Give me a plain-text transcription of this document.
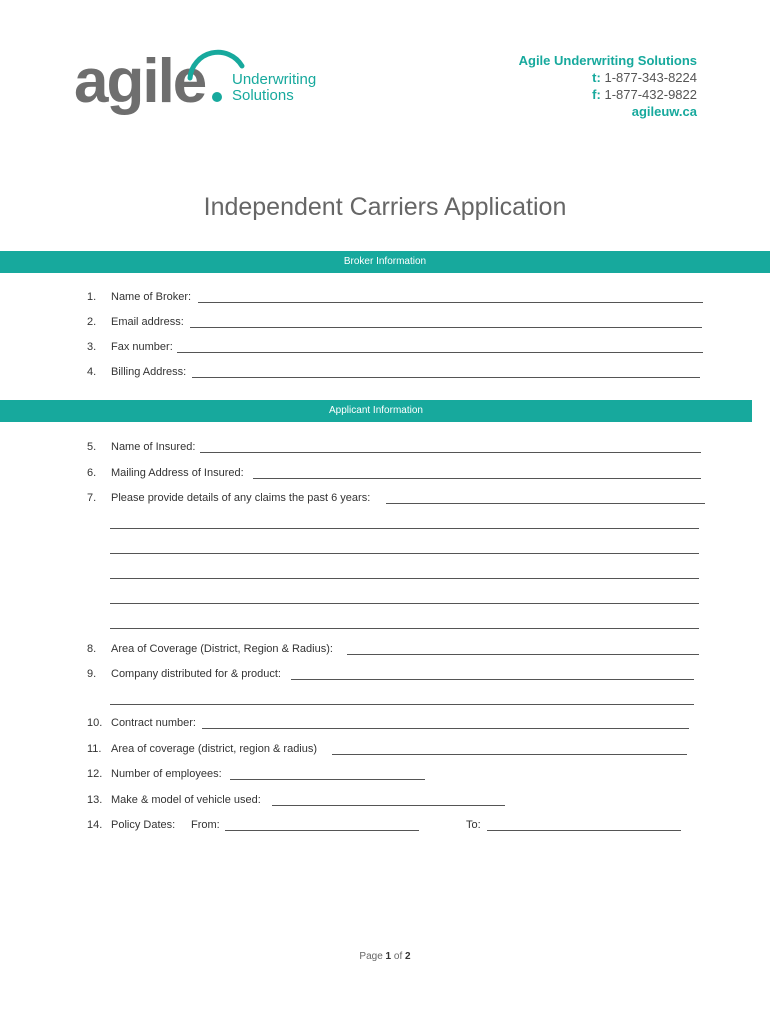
agile Underwriting
Solutions
Agile Underwriting Solutions
t: 1-877-343-8224
f: 1-877-432-9822
agileuw.ca
Independent Carriers Application
Broker Information
1. Name of Broker:
2. Email address:
3. Fax number:
4. Billing Address:
Applicant Information
5. Name of Insured:
6. Mailing Address of Insured:
7. Please provide details of any claims the past 6 years:
8. Area of Coverage (District, Region & Radius):
9. Company distributed for & product:
10. Contract number:
11. Area of coverage (district, region & radius)
12. Number of employees:
13. Make & model of vehicle used:
14. Policy Dates: From:	To:
Page 1 of 2
